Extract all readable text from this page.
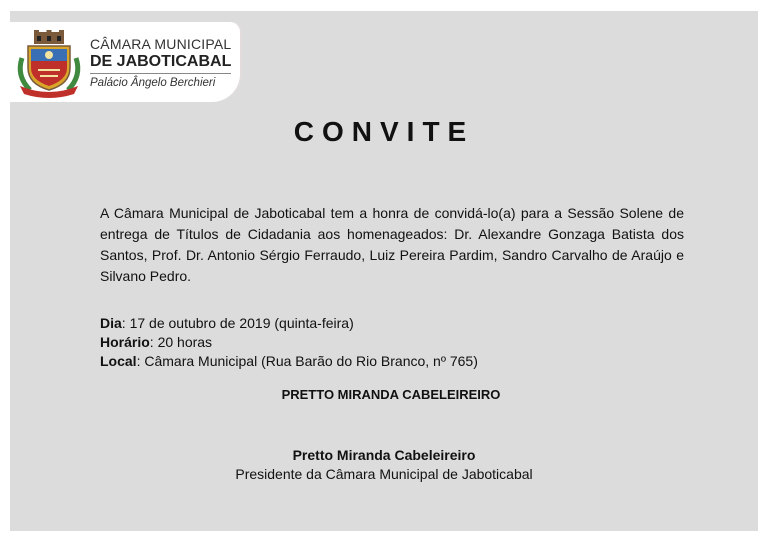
CÂMARA MUNICIPAL
DE JABOTICABAL
Palácio Ângelo Berchieri
CONVITE
A Câmara Municipal de Jaboticabal tem a honra de convidá-lo(a) para a Sessão Solene de entrega de Títulos de Cidadania aos homenageados: Dr. Alexandre Gonzaga Batista dos Santos, Prof. Dr. Antonio Sérgio Ferraudo, Luiz Pereira Pardim, Sandro Carvalho de Araújo e Silvano Pedro.
Dia: 17 de outubro de 2019 (quinta-feira)
Horário: 20 horas
Local: Câmara Municipal (Rua Barão do Rio Branco, nº 765)
PRETTO MIRANDA CABELEIREIRO
Pretto Miranda Cabeleireiro
Presidente da Câmara Municipal de Jaboticabal
